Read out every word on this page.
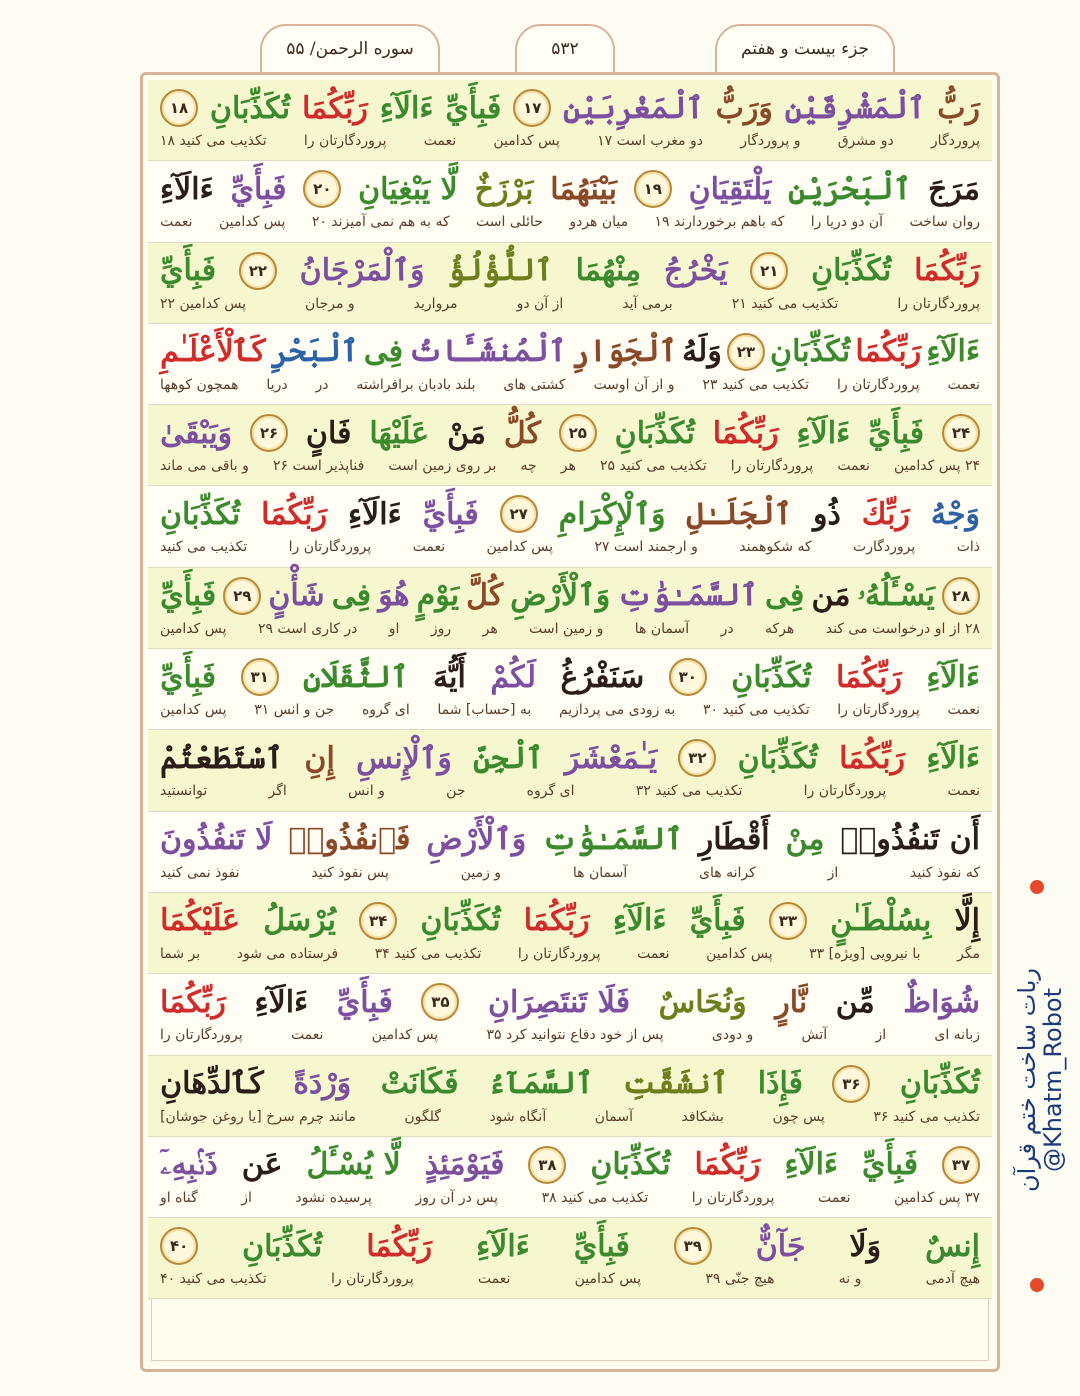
سوره الرحمن/ ۵۵	۵۳۲	جزء بیست و هفتم
رَبُّ
ٱلْمَشْرِقَيْنِ
وَرَبُّ
ٱلْمَغْرِبَيْنِ
۱۷
فَبِأَيِّ
ءَالَآءِ
رَبِّكُمَا
تُكَذِّبَانِ
۱۸
پروردگار
دو مشرق
و پروردگار
دو مغرب است ۱۷
پس کدامین
نعمت
پروردگارتان را
تکذیب می کنید ۱۸
مَرَجَ
ٱلْبَحْرَيْنِ
يَلْتَقِيَانِ
۱۹
بَيْنَهُمَا
بَرْزَخٌ
لَّا يَبْغِيَانِ
۲۰
فَبِأَيِّ
ءَالَآءِ
روان ساخت
آن دو دریا را
که باهم برخوردارند ۱۹
میان هردو
حائلی است
که به هم نمی آمیزند ۲۰
پس کدامین
نعمت
رَبِّكُمَا
تُكَذِّبَانِ
۲۱
يَخْرُجُ
مِنْهُمَا
ٱللُّؤْلُؤُ
وَٱلْمَرْجَانُ
۲۲
فَبِأَيِّ
پروردگارتان را
تکذیب می کنید ۲۱
برمی آید
از آن دو
مروارید
و مرجان
پس کدامین ۲۲
ءَالَآءِ
رَبِّكُمَا
تُكَذِّبَانِ
۲۳
وَلَهُ
ٱلْجَوَارِ
ٱلْمُنشَـَٔاتُ
فِى
ٱلْبَحْرِ
كَٱلْأَعْلَـٰمِ
نعمت
پروردگارتان را
تکذیب می کنید ۲۳
و از آن اوست
کشتی های
بلند بادبان برافراشته
در
دریا
همچون کوهها
۲۴
فَبِأَيِّ
ءَالَآءِ
رَبِّكُمَا
تُكَذِّبَانِ
۲۵
كُلُّ
مَنْ
عَلَيْهَا
فَانٍ
۲۶
وَيَبْقَىٰ
۲۴ پس کدامین
نعمت
پروردگارتان را
تکذیب می کنید ۲۵
هر
چه
بر روی زمین است
فناپذیر است ۲۶
و باقی می ماند
وَجْهُ
رَبِّكَ
ذُو
ٱلْجَلَـٰلِ
وَٱلْإِكْرَامِ
۲۷
فَبِأَيِّ
ءَالَآءِ
رَبِّكُمَا
تُكَذِّبَانِ
ذات
پروردگارت
که شکوهمند
و ارجمند است ۲۷
پس کدامین
نعمت
پروردگارتان را
تکذیب می کنید
۲۸
يَسْـَٔلُهُۥ
مَن
فِى
ٱلسَّمَـٰوَٰتِ
وَٱلْأَرْضِ
كُلَّ
يَوْمٍ
هُوَ
فِى
شَأْنٍ
۲۹
فَبِأَيِّ
۲۸ از او درخواست می کند
هرکه
در
آسمان ها
و زمین است
هر
روز
او
در کاری است ۲۹
پس کدامین
ءَالَآءِ
رَبِّكُمَا
تُكَذِّبَانِ
۳۰
سَنَفْرُغُ
لَكُمْ
أَيُّهَ
ٱلثَّقَلَانِ
۳۱
فَبِأَيِّ
نعمت
پروردگارتان را
تکذیب می کنید ۳۰
به زودی می پردازیم
به [حساب] شما
ای گروه
جن و انس ۳۱
پس کدامین
ءَالَآءِ
رَبِّكُمَا
تُكَذِّبَانِ
۳۲
يَـٰمَعْشَرَ
ٱلْجِنِّ
وَٱلْإِنسِ
إِنِ
ٱسْتَطَعْتُمْ
نعمت
پروردگارتان را
تکذیب می کنید ۳۲
ای گروه
جن
و انس
اگر
توانستید
أَن تَنفُذُوا۟
مِنْ
أَقْطَارِ
ٱلسَّمَـٰوَٰتِ
وَٱلْأَرْضِ
فَٱنفُذُوا۟
لَا تَنفُذُونَ
که نفوذ کنید
از
کرانه های
آسمان ها
و زمین
پس نفوذ کنید
نفوذ نمی کنید
إِلَّا
بِسُلْطَـٰنٍ
۳۳
فَبِأَيِّ
ءَالَآءِ
رَبِّكُمَا
تُكَذِّبَانِ
۳۴
يُرْسَلُ
عَلَيْكُمَا
مگر
با نیرویی [ویژه] ۳۳
پس کدامین
نعمت
پروردگارتان را
تکذیب می کنید ۳۴
فرستاده می شود
بر شما
شُوَاظٌ
مِّن
نَّارٍ
وَنُحَاسٌ
فَلَا تَنتَصِرَانِ
۳۵
فَبِأَيِّ
ءَالَآءِ
رَبِّكُمَا
زبانه ای
از
آتش
و دودی
پس از خود دفاع نتوانید کرد ۳۵
پس کدامین
نعمت
پروردگارتان را
تُكَذِّبَانِ
۳۶
فَإِذَا
ٱنشَقَّتِ
ٱلسَّمَآءُ
فَكَانَتْ
وَرْدَةً
كَٱلدِّهَانِ
تکذیب می کنید ۳۶
پس چون
بشکافد
آسمان
آنگاه شود
گلگون
مانند چرم سرخ [یا روغن جوشان]
۳۷
فَبِأَيِّ
ءَالَآءِ
رَبِّكُمَا
تُكَذِّبَانِ
۳۸
فَيَوْمَئِذٍ
لَّا يُسْـَٔلُ
عَن
ذَنۢبِهِۦٓ
۳۷ پس کدامین
نعمت
پروردگارتان را
تکذیب می کنید ۳۸
پس در آن روز
پرسیده نشود
از
گناه او
إِنسٌ
وَلَا
جَآنٌّ
۳۹
فَبِأَيِّ
ءَالَآءِ
رَبِّكُمَا
تُكَذِّبَانِ
۴۰
هیچ آدمی
و نه
هیچ جنّی ۳۹
پس کدامین
نعمت
پروردگارتان را
تکذیب می کنید ۴۰
ربات ساخت ختم قرآن
@Khatm_Robot
